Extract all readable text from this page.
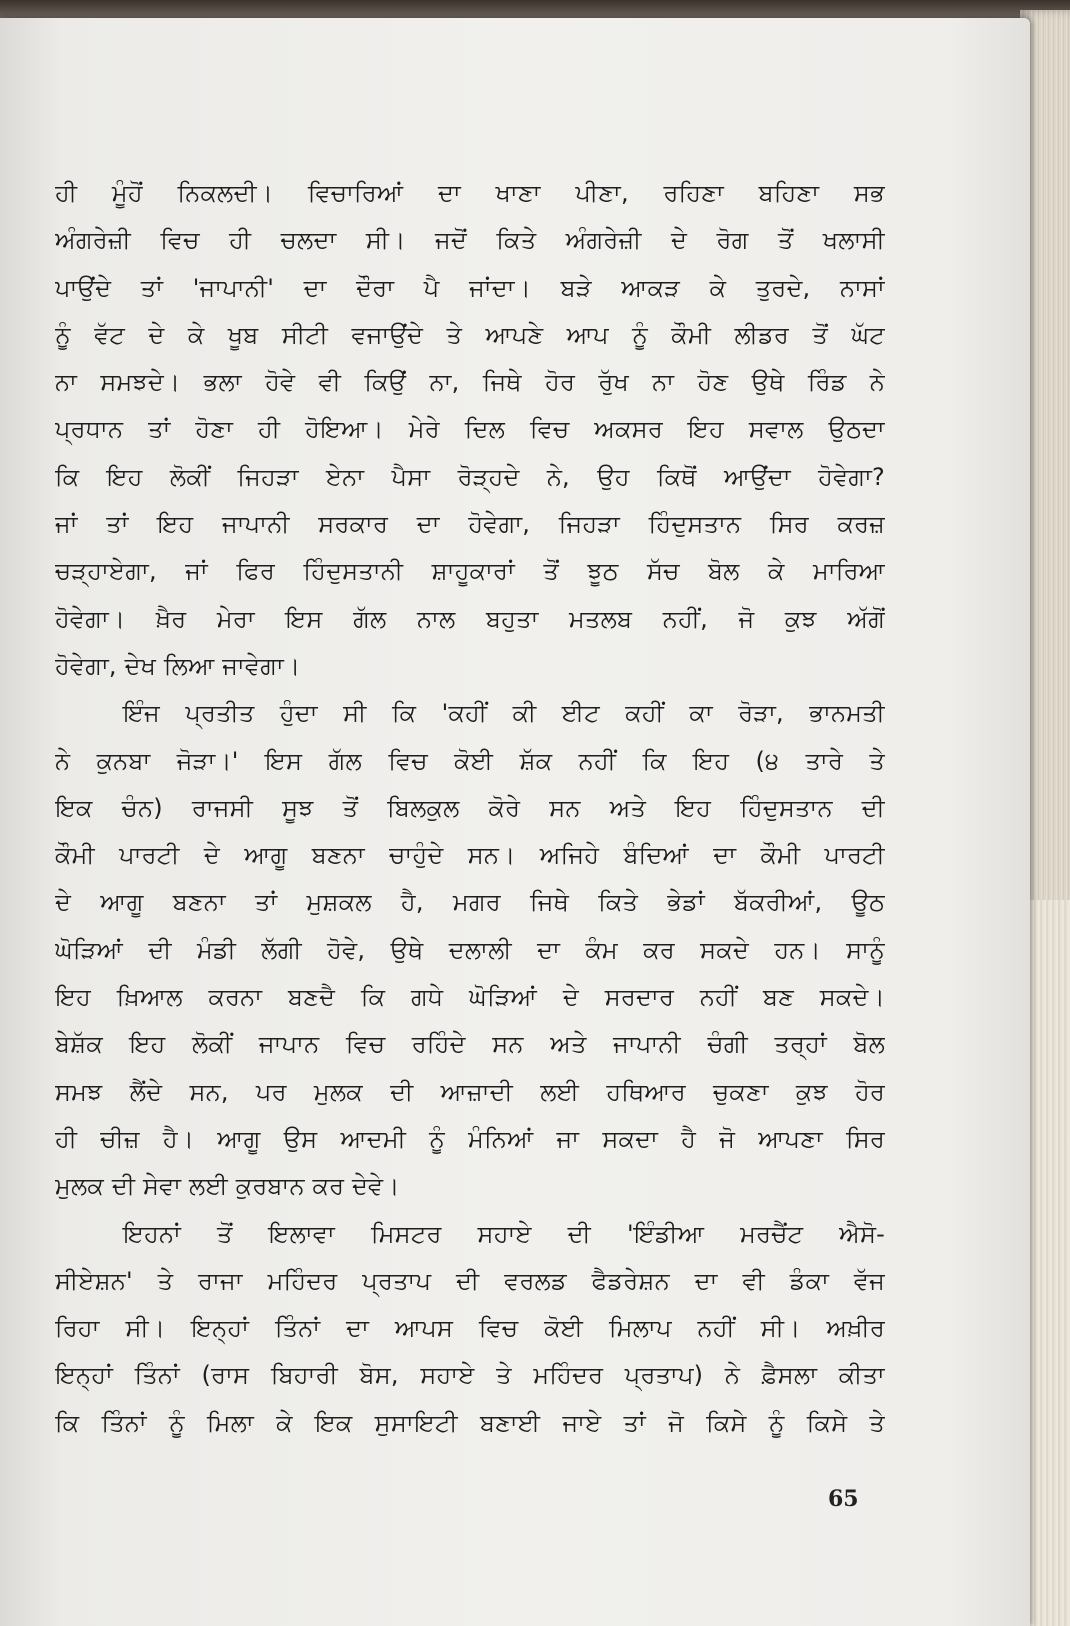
ਹੀ ਮੂੰਹੋਂ ਨਿਕਲਦੀ। ਵਿਚਾਰਿਆਂ ਦਾ ਖਾਣਾ ਪੀਣਾ, ਰਹਿਣਾ ਬਹਿਣਾ ਸਭ
ਅੰਗਰੇਜ਼ੀ ਵਿਚ ਹੀ ਚਲਦਾ ਸੀ। ਜਦੋਂ ਕਿਤੇ ਅੰਗਰੇਜ਼ੀ ਦੇ ਰੋਗ ਤੋਂ ਖਲਾਸੀ
ਪਾਉਂਦੇ ਤਾਂ 'ਜਾਪਾਨੀ' ਦਾ ਦੌਰਾ ਪੈ ਜਾਂਦਾ। ਬੜੇ ਆਕੜ ਕੇ ਤੁਰਦੇ, ਨਾਸਾਂ
ਨੂੰ ਵੱਟ ਦੇ ਕੇ ਖੂਬ ਸੀਟੀ ਵਜਾਉਂਦੇ ਤੇ ਆਪਣੇ ਆਪ ਨੂੰ ਕੌਮੀ ਲੀਡਰ ਤੋਂ ਘੱਟ
ਨਾ ਸਮਝਦੇ। ਭਲਾ ਹੋਵੇ ਵੀ ਕਿਉਂ ਨਾ, ਜਿਥੇ ਹੋਰ ਰੁੱਖ ਨਾ ਹੋਣ ਉਥੇ ਰਿੰਡ ਨੇ
ਪ੍ਰਧਾਨ ਤਾਂ ਹੋਣਾ ਹੀ ਹੋਇਆ। ਮੇਰੇ ਦਿਲ ਵਿਚ ਅਕਸਰ ਇਹ ਸਵਾਲ ਉਠਦਾ
ਕਿ ਇਹ ਲੋਕੀਂ ਜਿਹੜਾ ਏਨਾ ਪੈਸਾ ਰੋੜ੍ਹਦੇ ਨੇ, ਉਹ ਕਿਥੋਂ ਆਉਂਦਾ ਹੋਵੇਗਾ?
ਜਾਂ ਤਾਂ ਇਹ ਜਾਪਾਨੀ ਸਰਕਾਰ ਦਾ ਹੋਵੇਗਾ, ਜਿਹੜਾ ਹਿੰਦੁਸਤਾਨ ਸਿਰ ਕਰਜ਼
ਚੜ੍ਹਾਏਗਾ, ਜਾਂ ਫਿਰ ਹਿੰਦੁਸਤਾਨੀ ਸ਼ਾਹੂਕਾਰਾਂ ਤੋਂ ਝੂਠ ਸੱਚ ਬੋਲ ਕੇ ਮਾਰਿਆ
ਹੋਵੇਗਾ। ਖ਼ੈਰ ਮੇਰਾ ਇਸ ਗੱਲ ਨਾਲ ਬਹੁਤਾ ਮਤਲਬ ਨਹੀਂ, ਜੋ ਕੁਝ ਅੱਗੋਂ
ਹੋਵੇਗਾ, ਦੇਖ ਲਿਆ ਜਾਵੇਗਾ।
ਇੰਜ ਪ੍ਰਤੀਤ ਹੁੰਦਾ ਸੀ ਕਿ 'ਕਹੀਂ ਕੀ ਈਟ ਕਹੀਂ ਕਾ ਰੋੜਾ, ਭਾਨਮਤੀ
ਨੇ ਕੁਨਬਾ ਜੋੜਾ।' ਇਸ ਗੱਲ ਵਿਚ ਕੋਈ ਸ਼ੱਕ ਨਹੀਂ ਕਿ ਇਹ (੪ ਤਾਰੇ ਤੇ
ਇਕ ਚੰਨ) ਰਾਜਸੀ ਸੂਝ ਤੋਂ ਬਿਲਕੁਲ ਕੋਰੇ ਸਨ ਅਤੇ ਇਹ ਹਿੰਦੁਸਤਾਨ ਦੀ
ਕੌਮੀ ਪਾਰਟੀ ਦੇ ਆਗੂ ਬਣਨਾ ਚਾਹੁੰਦੇ ਸਨ। ਅਜਿਹੇ ਬੰਦਿਆਂ ਦਾ ਕੌਮੀ ਪਾਰਟੀ
ਦੇ ਆਗੂ ਬਣਨਾ ਤਾਂ ਮੁਸ਼ਕਲ ਹੈ, ਮਗਰ ਜਿਥੇ ਕਿਤੇ ਭੇਡਾਂ ਬੱਕਰੀਆਂ, ਊਠ
ਘੋੜਿਆਂ ਦੀ ਮੰਡੀ ਲੱਗੀ ਹੋਵੇ, ਉਥੇ ਦਲਾਲੀ ਦਾ ਕੰਮ ਕਰ ਸਕਦੇ ਹਨ। ਸਾਨੂੰ
ਇਹ ਖ਼ਿਆਲ ਕਰਨਾ ਬਣਦੈ ਕਿ ਗਧੇ ਘੋੜਿਆਂ ਦੇ ਸਰਦਾਰ ਨਹੀਂ ਬਣ ਸਕਦੇ।
ਬੇਸ਼ੱਕ ਇਹ ਲੋਕੀਂ ਜਾਪਾਨ ਵਿਚ ਰਹਿੰਦੇ ਸਨ ਅਤੇ ਜਾਪਾਨੀ ਚੰਗੀ ਤਰ੍ਹਾਂ ਬੋਲ
ਸਮਝ ਲੈਂਦੇ ਸਨ, ਪਰ ਮੁਲਕ ਦੀ ਆਜ਼ਾਦੀ ਲਈ ਹਥਿਆਰ ਚੁਕਣਾ ਕੁਝ ਹੋਰ
ਹੀ ਚੀਜ਼ ਹੈ। ਆਗੂ ਉਸ ਆਦਮੀ ਨੂੰ ਮੰਨਿਆਂ ਜਾ ਸਕਦਾ ਹੈ ਜੋ ਆਪਣਾ ਸਿਰ
ਮੁਲਕ ਦੀ ਸੇਵਾ ਲਈ ਕੁਰਬਾਨ ਕਰ ਦੇਵੇ।
ਇਹਨਾਂ ਤੋਂ ਇਲਾਵਾ ਮਿਸਟਰ ਸਹਾਏ ਦੀ 'ਇੰਡੀਆ ਮਰਚੈਂਟ ਐਸੋ-
ਸੀਏਸ਼ਨ' ਤੇ ਰਾਜਾ ਮਹਿੰਦਰ ਪ੍ਰਤਾਪ ਦੀ ਵਰਲਡ ਫੈਡਰੇਸ਼ਨ ਦਾ ਵੀ ਡੰਕਾ ਵੱਜ
ਰਿਹਾ ਸੀ। ਇਨ੍ਹਾਂ ਤਿੰਨਾਂ ਦਾ ਆਪਸ ਵਿਚ ਕੋਈ ਮਿਲਾਪ ਨਹੀਂ ਸੀ। ਅਖ਼ੀਰ
ਇਨ੍ਹਾਂ ਤਿੰਨਾਂ (ਰਾਸ ਬਿਹਾਰੀ ਬੋਸ, ਸਹਾਏ ਤੇ ਮਹਿੰਦਰ ਪ੍ਰਤਾਪ) ਨੇ ਫ਼ੈਸਲਾ ਕੀਤਾ
ਕਿ ਤਿੰਨਾਂ ਨੂੰ ਮਿਲਾ ਕੇ ਇਕ ਸੁਸਾਇਟੀ ਬਣਾਈ ਜਾਏ ਤਾਂ ਜੋ ਕਿਸੇ ਨੂੰ ਕਿਸੇ ਤੇ
65
